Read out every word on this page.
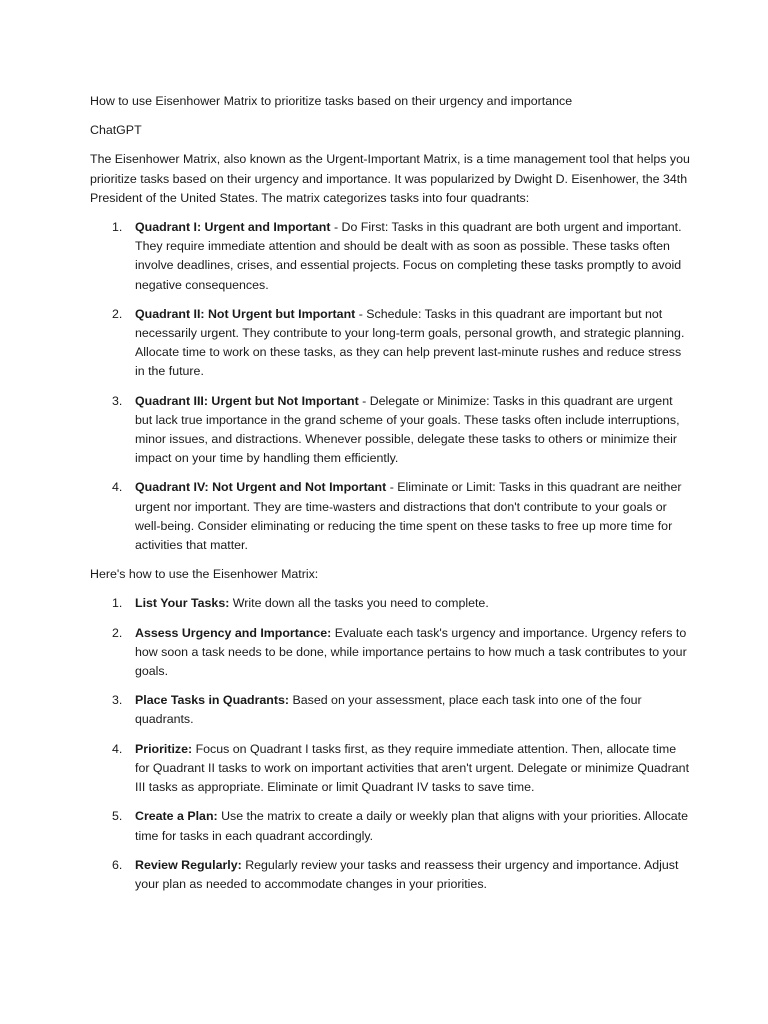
How to use Eisenhower Matrix to prioritize tasks based on their urgency and importance

ChatGPT

The Eisenhower Matrix, also known as the Urgent-Important Matrix, is a time management tool that helps you prioritize tasks based on their urgency and importance. It was popularized by Dwight D. Eisenhower, the 34th President of the United States. The matrix categorizes tasks into four quadrants:

1. Quadrant I: Urgent and Important - Do First: Tasks in this quadrant are both urgent and important. They require immediate attention and should be dealt with as soon as possible. These tasks often involve deadlines, crises, and essential projects. Focus on completing these tasks promptly to avoid negative consequences.
2. Quadrant II: Not Urgent but Important - Schedule: Tasks in this quadrant are important but not necessarily urgent. They contribute to your long-term goals, personal growth, and strategic planning. Allocate time to work on these tasks, as they can help prevent last-minute rushes and reduce stress in the future.
3. Quadrant III: Urgent but Not Important - Delegate or Minimize: Tasks in this quadrant are urgent but lack true importance in the grand scheme of your goals. These tasks often include interruptions, minor issues, and distractions. Whenever possible, delegate these tasks to others or minimize their impact on your time by handling them efficiently.
4. Quadrant IV: Not Urgent and Not Important - Eliminate or Limit: Tasks in this quadrant are neither urgent nor important. They are time-wasters and distractions that don't contribute to your goals or well-being. Consider eliminating or reducing the time spent on these tasks to free up more time for activities that matter.

Here's how to use the Eisenhower Matrix:

1. List Your Tasks: Write down all the tasks you need to complete.
2. Assess Urgency and Importance: Evaluate each task's urgency and importance. Urgency refers to how soon a task needs to be done, while importance pertains to how much a task contributes to your goals.
3. Place Tasks in Quadrants: Based on your assessment, place each task into one of the four quadrants.
4. Prioritize: Focus on Quadrant I tasks first, as they require immediate attention. Then, allocate time for Quadrant II tasks to work on important activities that aren't urgent. Delegate or minimize Quadrant III tasks as appropriate. Eliminate or limit Quadrant IV tasks to save time.
5. Create a Plan: Use the matrix to create a daily or weekly plan that aligns with your priorities. Allocate time for tasks in each quadrant accordingly.
6. Review Regularly: Regularly review your tasks and reassess their urgency and importance. Adjust your plan as needed to accommodate changes in your priorities.
